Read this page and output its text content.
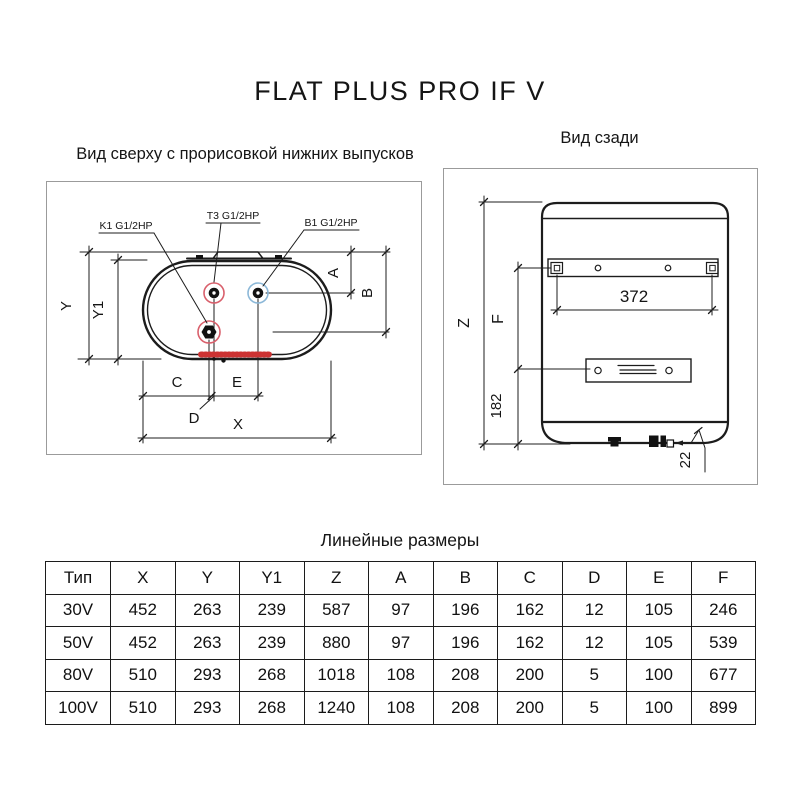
FLAT PLUS PRO IF V
Вид сверху с прорисовкой нижних выпусков
Вид сзади
K1 G1/2HP
T3 G1/2HP
B1 G1/2HP
Y Y1
A
B
C	E
D X
Z F
182
372
22
Линейные размеры
Тип	X	Y	Y1	Z	A	B	C	D	E	F
30V	452	263	239	587	97	196	162	12	105	246
50V	452	263	239	880	97	196	162	12	105	539
80V	510	293	268	1018	108	208	200	5	100	677
100V	510	293	268	1240	108	208	200	5	100	899
